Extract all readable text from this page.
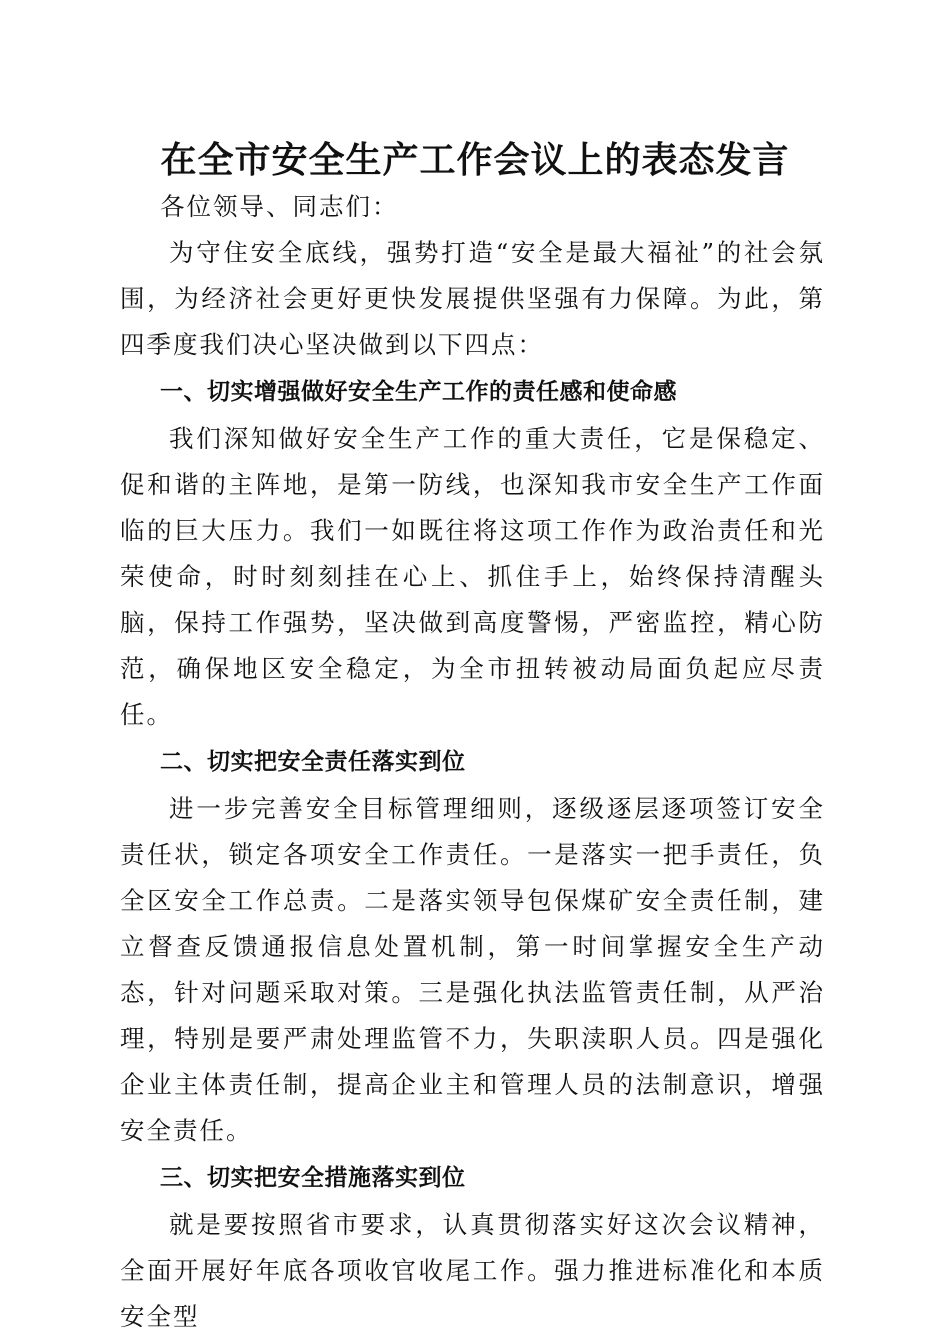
在全市安全生产工作会议上的表态发言

各位领导、同志们：

为守住安全底线，强势打造“安全是最大福祉”的社会氛围，为经济社会更好更快发展提供坚强有力保障。为此，第四季度我们决心坚决做到以下四点：

一、切实增强做好安全生产工作的责任感和使命感

我们深知做好安全生产工作的重大责任，它是保稳定、促和谐的主阵地，是第一防线，也深知我市安全生产工作面临的巨大压力。我们一如既往将这项工作作为政治责任和光荣使命，时时刻刻挂在心上、抓住手上，始终保持清醒头脑，保持工作强势，坚决做到高度警惕，严密监控，精心防范，确保地区安全稳定，为全市扭转被动局面负起应尽责任。

二、切实把安全责任落实到位

进一步完善安全目标管理细则，逐级逐层逐项签订安全责任状，锁定各项安全工作责任。一是落实一把手责任，负全区安全工作总责。二是落实领导包保煤矿安全责任制，建立督查反馈通报信息处置机制，第一时间掌握安全生产动态，针对问题采取对策。三是强化执法监管责任制，从严治理，特别是要严肃处理监管不力，失职渎职人员。四是强化企业主体责任制，提高企业主和管理人员的法制意识，增强安全责任。

三、切实把安全措施落实到位

就是要按照省市要求，认真贯彻落实好这次会议精神，全面开展好年底各项收官收尾工作。强力推进标准化和本质安全型
